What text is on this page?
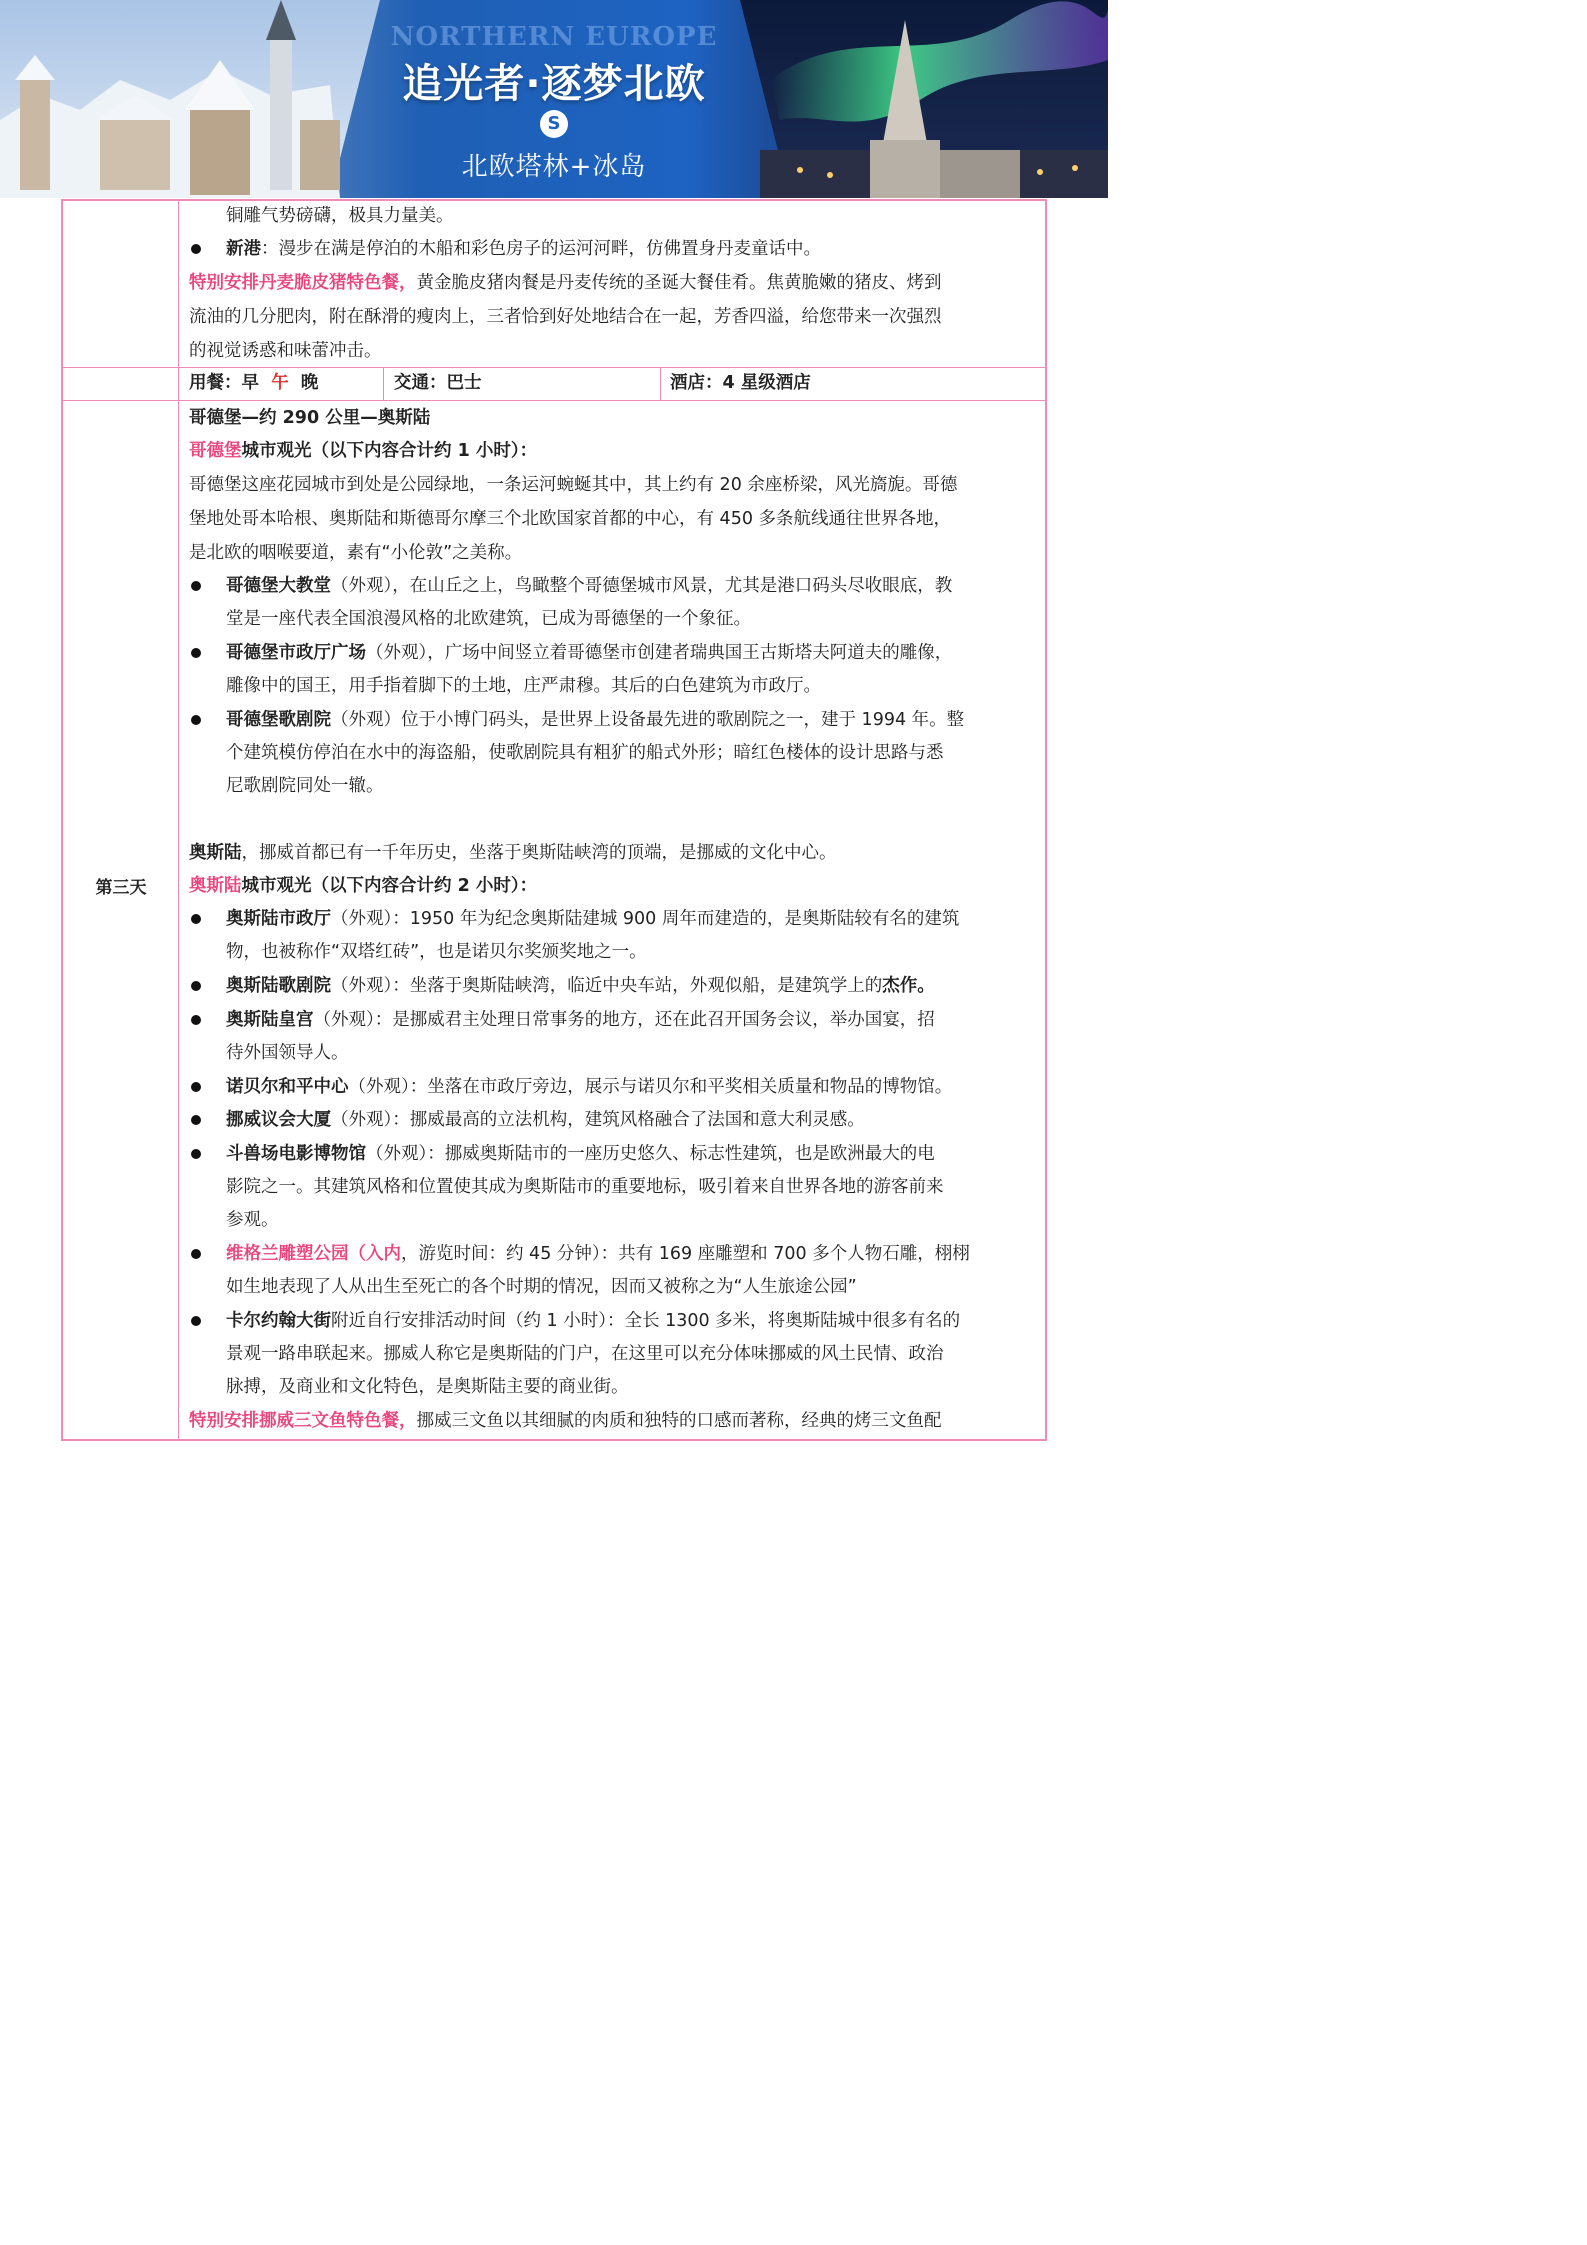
NORTHERN EUROPE
追光者·逐梦北欧
S
北欧塔林+冰岛
铜雕气势磅礴，极具力量美。
新港：漫步在满是停泊的木船和彩色房子的运河河畔，仿佛置身丹麦童话中。
特别安排丹麦脆皮猪特色餐，黄金脆皮猪肉餐是丹麦传统的圣诞大餐佳肴。焦黄脆嫩的猪皮、烤到
流油的几分肥肉，附在酥滑的瘦肉上，三者恰到好处地结合在一起，芳香四溢，给您带来一次强烈
的视觉诱惑和味蕾冲击。
用餐：早 午 晚	交通：巴士	酒店：4 星级酒店
第三天
哥德堡—约 290 公里—奥斯陆
哥德堡城市观光（以下内容合计约 1 小时）：
哥德堡这座花园城市到处是公园绿地，一条运河蜿蜒其中，其上约有 20 余座桥梁，风光旖旎。哥德
堡地处哥本哈根、奥斯陆和斯德哥尔摩三个北欧国家首都的中心，有 450 多条航线通往世界各地，
是北欧的咽喉要道，素有“小伦敦”之美称。
哥德堡大教堂（外观），在山丘之上，鸟瞰整个哥德堡城市风景，尤其是港口码头尽收眼底，教
堂是一座代表全国浪漫风格的北欧建筑，已成为哥德堡的一个象征。
哥德堡市政厅广场（外观），广场中间竖立着哥德堡市创建者瑞典国王古斯塔夫阿道夫的雕像，
雕像中的国王，用手指着脚下的土地，庄严肃穆。其后的白色建筑为市政厅。
哥德堡歌剧院（外观）位于小博门码头，是世界上设备最先进的歌剧院之一，建于 1994 年。整
个建筑模仿停泊在水中的海盗船，使歌剧院具有粗犷的船式外形；暗红色楼体的设计思路与悉
尼歌剧院同处一辙。
奥斯陆，挪威首都已有一千年历史，坐落于奥斯陆峡湾的顶端，是挪威的文化中心。
奥斯陆城市观光（以下内容合计约 2 小时）：
奥斯陆市政厅（外观）：1950 年为纪念奥斯陆建城 900 周年而建造的，是奥斯陆较有名的建筑
物，也被称作“双塔红砖”，也是诺贝尔奖颁奖地之一。
奥斯陆歌剧院（外观）：坐落于奥斯陆峡湾，临近中央车站，外观似船，是建筑学上的杰作。
奥斯陆皇宫（外观）：是挪威君主处理日常事务的地方，还在此召开国务会议，举办国宴，招
待外国领导人。
诺贝尔和平中心（外观）：坐落在市政厅旁边，展示与诺贝尔和平奖相关质量和物品的博物馆。
挪威议会大厦（外观）：挪威最高的立法机构，建筑风格融合了法国和意大利灵感。
斗兽场电影博物馆（外观）：挪威奥斯陆市的一座历史悠久、标志性建筑，也是欧洲最大的电
影院之一。其建筑风格和位置使其成为奥斯陆市的重要地标，吸引着来自世界各地的游客前来
参观。
维格兰雕塑公园（入内，游览时间：约 45 分钟）：共有 169 座雕塑和 700 多个人物石雕，栩栩
如生地表现了人从出生至死亡的各个时期的情况，因而又被称之为“人生旅途公园”
卡尔约翰大街附近自行安排活动时间（约 1 小时）：全长 1300 多米，将奥斯陆城中很多有名的
景观一路串联起来。挪威人称它是奥斯陆的门户，在这里可以充分体味挪威的风土民情、政治
脉搏，及商业和文化特色，是奥斯陆主要的商业街。
特别安排挪威三文鱼特色餐，挪威三文鱼以其细腻的肉质和独特的口感而著称，经典的烤三文鱼配
